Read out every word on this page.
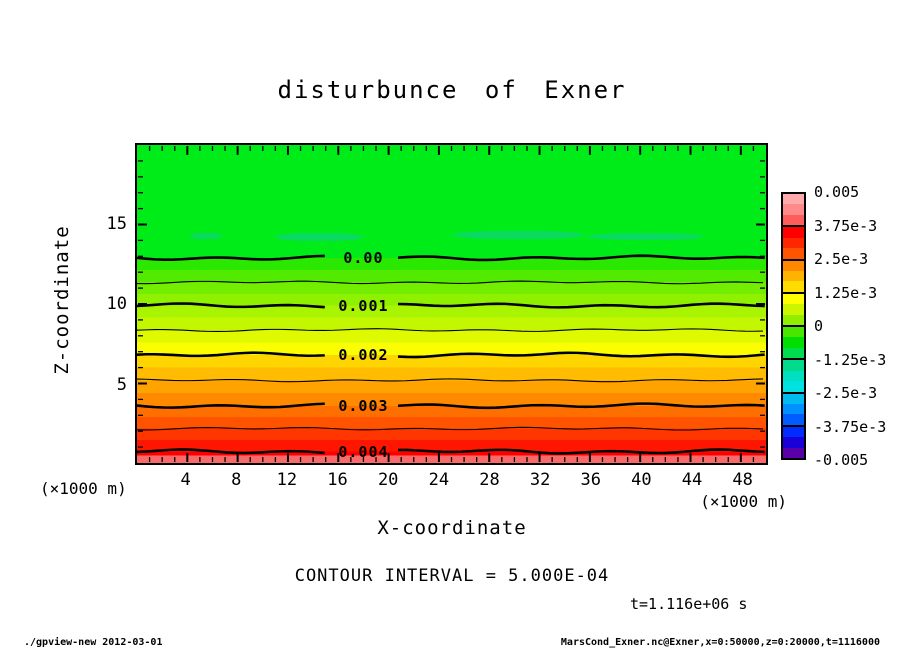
disturbunce of Exner
Z-coordinate
(×1000 m)
0.00
0.001
0.002
0.003
0.004
(×1000 m)
X-coordinate
CONTOUR INTERVAL = 5.000E-04
t=1.116e+06 s
./gpview-new 2012-03-01	MarsCond_Exner.nc@Exner,x=0:50000,z=0:20000,t=1116000
4 8 12 16 20 24 28 32 36 40 44 48
5
10
15
0.005
3.75e-3
2.5e-3
1.25e-3
0
-1.25e-3
-2.5e-3
-3.75e-3
-0.005
